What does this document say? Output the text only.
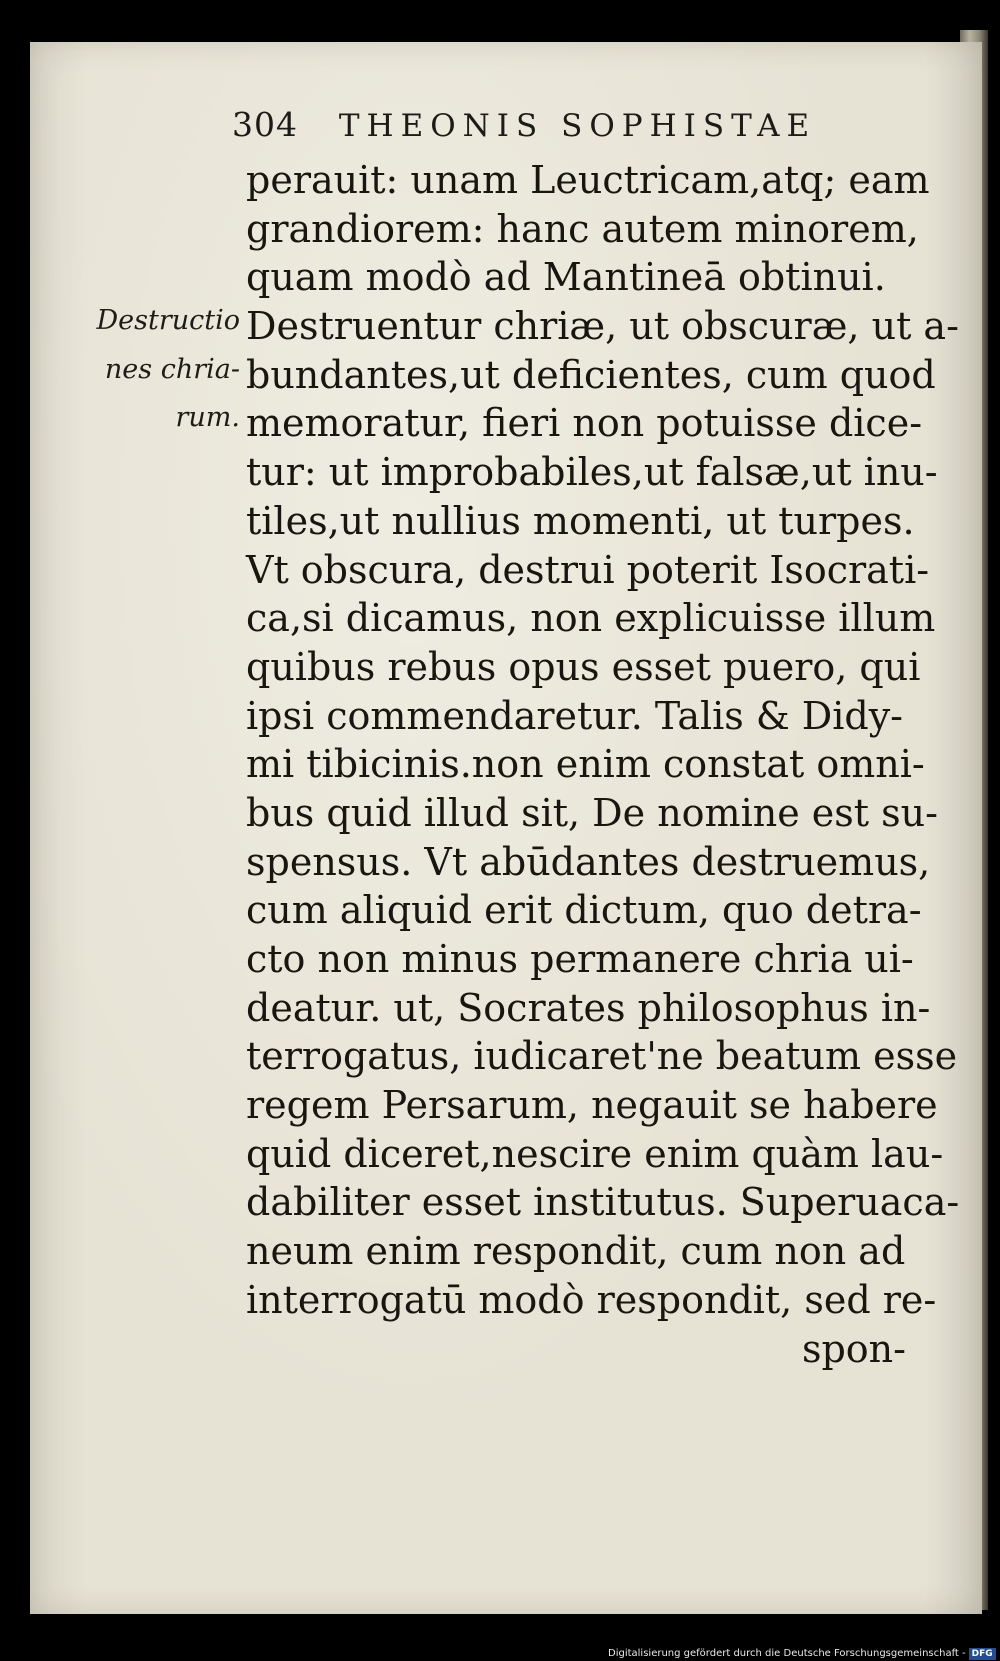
304 THEONIS SOPHISTAE
Destructio
nes chria-
rum.
perauit: unam Leuctricam,atq; eam
grandiorem: hanc autem minorem,
quam modò ad Mantineā obtinui.
Destruentur chriæ, ut obscuræ, ut a-
bundantes,ut deficientes, cum quod
memoratur, fieri non potuisse dice-
tur: ut improbabiles,ut falsæ,ut inu-
tiles,ut nullius momenti, ut turpes.
Vt obscura, destrui poterit Isocrati-
ca,si dicamus, non explicuisse illum
quibus rebus opus esset puero, qui
ipsi commendaretur. Talis & Didy-
mi tibicinis.non enim constat omni-
bus quid illud sit, De nomine est su-
spensus. Vt abūdantes destruemus,
cum aliquid erit dictum, quo detra-
cto non minus permanere chria ui-
deatur. ut, Socrates philosophus in-
terrogatus, iudicaret'ne beatum esse
regem Persarum, negauit se habere
quid diceret,nescire enim quàm lau-
dabiliter esset institutus. Superuaca-
neum enim respondit, cum non ad
interrogatū modò respondit, sed re-
spon-
Digitalisierung gefördert durch die Deutsche Forschungsgemeinschaft - DFG
